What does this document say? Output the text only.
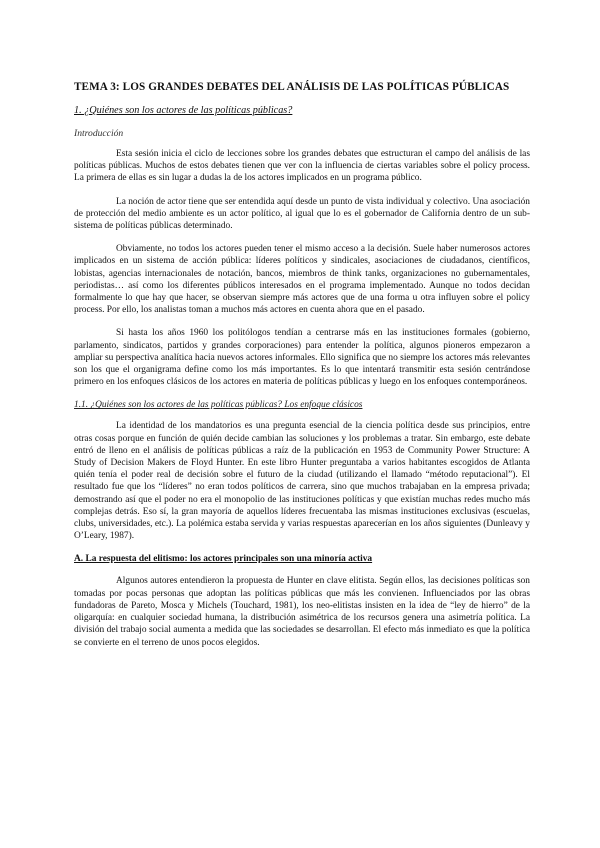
TEMA 3: LOS GRANDES DEBATES DEL ANÁLISIS DE LAS POLÍTICAS PÚBLICAS
1. ¿Quiénes son los actores de las políticas públicas?
Introducción

Esta sesión inicia el ciclo de lecciones sobre los grandes debates que estructuran el campo del análisis de las políticas públicas. Muchos de estos debates tienen que ver con la influencia de ciertas variables sobre el policy process. La primera de ellas es sin lugar a dudas la de los actores implicados en un programa público.

La noción de actor tiene que ser entendida aquí desde un punto de vista individual y colectivo. Una asociación de protección del medio ambiente es un actor político, al igual que lo es el gobernador de California dentro de un sub-sistema de políticas públicas determinado.

Obviamente, no todos los actores pueden tener el mismo acceso a la decisión. Suele haber numerosos actores implicados en un sistema de acción pública: líderes políticos y sindicales, asociaciones de ciudadanos, científicos, lobistas, agencias internacionales de notación, bancos, miembros de think tanks, organizaciones no gubernamentales, periodistas… así como los diferentes públicos interesados en el programa implementado. Aunque no todos decidan formalmente lo que hay que hacer, se observan siempre más actores que de una forma u otra influyen sobre el policy process. Por ello, los analistas toman a muchos más actores en cuenta ahora que en el pasado.

Si hasta los años 1960 los politólogos tendían a centrarse más en las instituciones formales (gobierno, parlamento, sindicatos, partidos y grandes corporaciones) para entender la política, algunos pioneros empezaron a ampliar su perspectiva analítica hacia nuevos actores informales. Ello significa que no siempre los actores más relevantes son los que el organigrama define como los más importantes. Es lo que intentará transmitir esta sesión centrándose primero en los enfoques clásicos de los actores en materia de políticas públicas y luego en los enfoques contemporáneos.

1.1. ¿Quiénes son los actores de las políticas públicas? Los enfoque clásicos

La identidad de los mandatorios es una pregunta esencial de la ciencia política desde sus principios, entre otras cosas porque en función de quién decide cambian las soluciones y los problemas a tratar. Sin embargo, este debate entró de lleno en el análisis de políticas públicas a raíz de la publicación en 1953 de Community Power Structure: A Study of Decision Makers de Floyd Hunter. En este libro Hunter preguntaba a varios habitantes escogidos de Atlanta quién tenía el poder real de decisión sobre el futuro de la ciudad (utilizando el llamado “método reputacional”). El resultado fue que los “líderes” no eran todos políticos de carrera, sino que muchos trabajaban en la empresa privada; demostrando así que el poder no era el monopolio de las instituciones políticas y que existían muchas redes mucho más complejas detrás. Eso sí, la gran mayoría de aquellos líderes frecuentaba las mismas instituciones exclusivas (escuelas, clubs, universidades, etc.). La polémica estaba servida y varias respuestas aparecerían en los años siguientes (Dunleavy y O’Leary, 1987).

A. La respuesta del elitismo: los actores principales son una minoría activa

Algunos autores entendieron la propuesta de Hunter en clave elitista. Según ellos, las decisiones políticas son tomadas por pocas personas que adoptan las políticas públicas que más les convienen. Influenciados por las obras fundadoras de Pareto, Mosca y Michels (Touchard, 1981), los neo-elitistas insisten en la idea de “ley de hierro” de la oligarquía: en cualquier sociedad humana, la distribución asimétrica de los recursos genera una asimetría política. La división del trabajo social aumenta a medida que las sociedades se desarrollan. El efecto más inmediato es que la política se convierte en el terreno de unos pocos elegidos.
